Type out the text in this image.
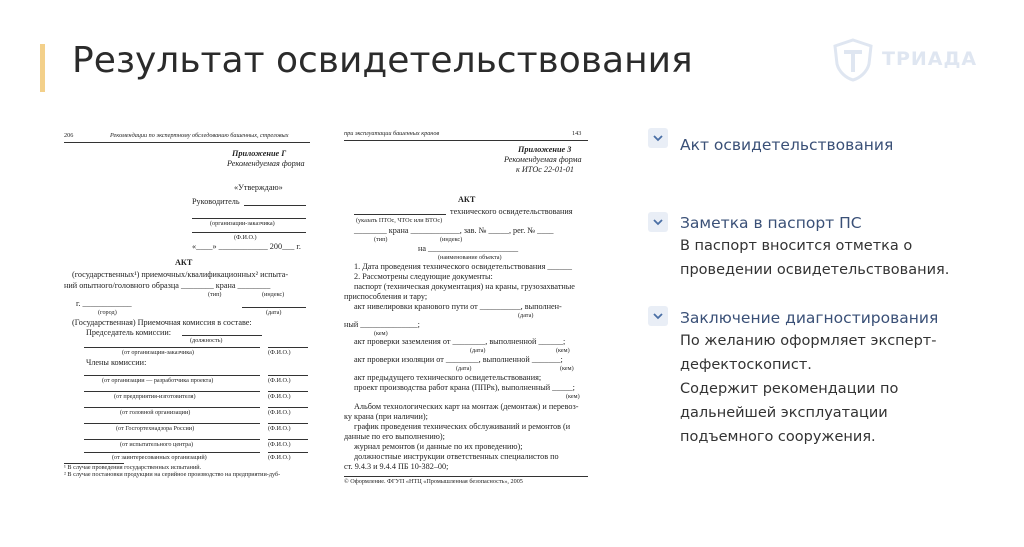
Результат освидетельствования	ТРИАДА
206	Рекомендации по экспертному обследованию башенных, стреловых
Приложение Г
Рекомендуемая форма
«Утверждаю»
Руководитель
(организации-заказчика)
(Ф.И.О.)
«____» ____________ 200___ г.
АКТ
(государственных¹) приемочных/квалификационных² испыта-
ний опытного/головного образца ________ крана ________
(тип)	(индекс)
г. ____________
(город)	(дата)
(Государственная) Приемочная комиссия в составе:
Председатель комиссии:
(должность)
(от организации-заказчика)	(Ф.И.О.)
Члены комиссии:
(от организации — разработчика проекта)	(Ф.И.О.)
(от предприятия-изготовителя)	(Ф.И.О.)
(от головной организации)	(Ф.И.О.)
(от Госгортехнадзора России)	(Ф.И.О.)
(от испытательного центра)	(Ф.И.О.)
(от заинтересованных организаций)	(Ф.И.О.)
¹ В случае проведения государственных испытаний.
² В случае постановки продукции на серийное производство на предприятии-дуб-
при эксплуатации башенных кранов	143
Приложение 3
Рекомендуемая форма
к ИТОс 22-01-01
АКТ
технического освидетельствования
(указать ПТОс, ЧТОс или ВТОс)
________ крана ____________, зав. № _____, рег. № ____
(тип)	(индекс)
на ______________________
(наименование объекта)
1. Дата проведения технического освидетельствования ______
2. Рассмотрены следующие документы:
паспорт (техническая документация) на краны, грузозахватные
приспособления и тару;
акт нивелировки кранового пути от __________, выполнен-
(дата)
ный ______________;
(кем)
акт проверки заземления от ________, выполненной ______;
(дата)	(кем)
акт проверки изоляции от ________, выполненной _______;
(дата)	(кем)
акт предыдущего технического освидетельствования;
проект производства работ крана (ППРк), выполненный _____;
(кем)
Альбом технологических карт на монтаж (демонтаж) и перевоз-
ку крана (при наличии);
график проведения технических обслуживаний и ремонтов (и
данные по его выполнению);
журнал ремонтов (и данные по их проведению);
должностные инструкции ответственных специалистов по
ст. 9.4.3 и 9.4.4 ПБ 10-382–00;
© Оформление. ФГУП «НТЦ «Промышленная безопасность», 2005
Акт освидетельствования
Заметка в паспорт ПС
В паспорт вносится отметка о
проведении освидетельствования.
Заключение диагностирования
По желанию оформляет эксперт-
дефектоскопист.
Содержит рекомендации по
дальнейшей эксплуатации
подъемного сооружения.
